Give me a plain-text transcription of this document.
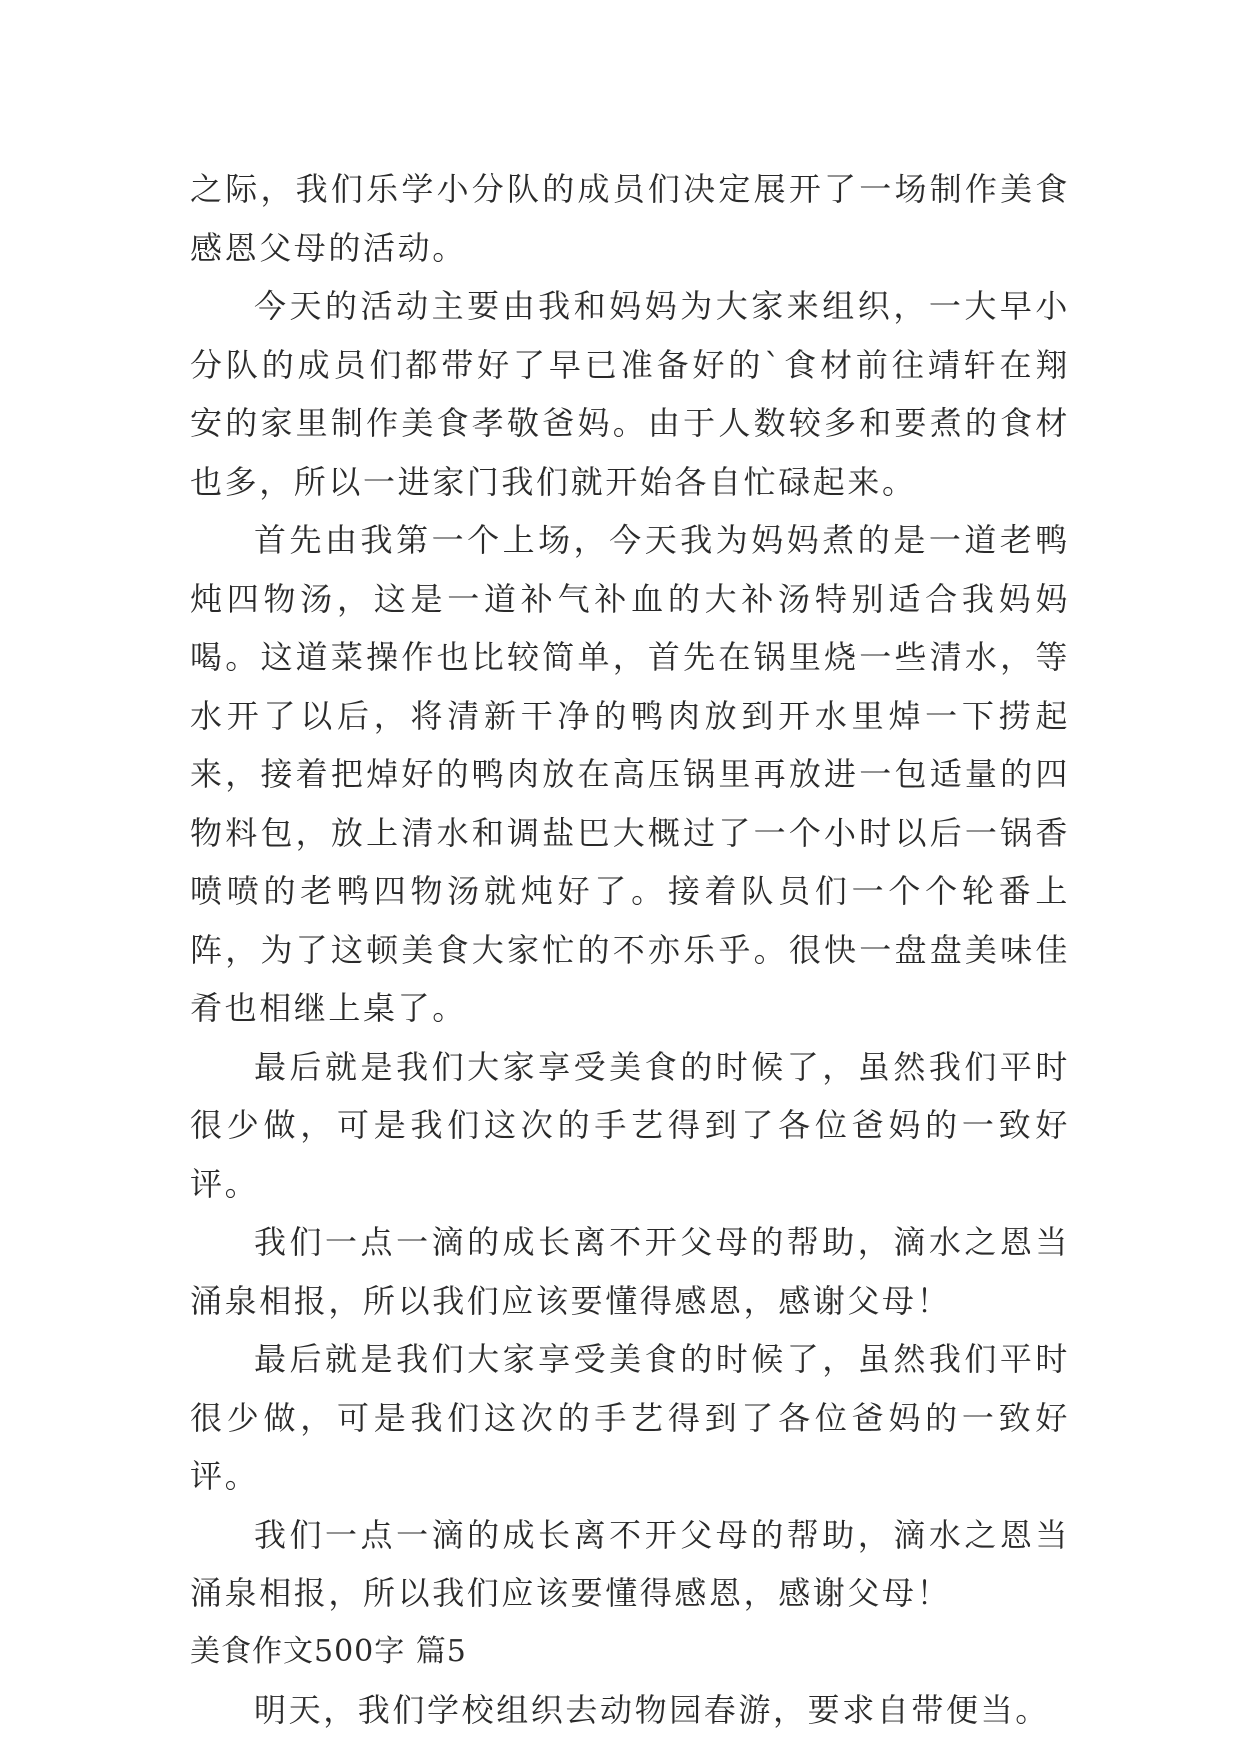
之际，我们乐学小分队的成员们决定展开了一场制作美食感恩父母的活动。

今天的活动主要由我和妈妈为大家来组织，一大早小分队的成员们都带好了早已准备好的`食材前往靖轩在翔安的家里制作美食孝敬爸妈。由于人数较多和要煮的食材也多，所以一进家门我们就开始各自忙碌起来。

首先由我第一个上场，今天我为妈妈煮的是一道老鸭炖四物汤，这是一道补气补血的大补汤特别适合我妈妈喝。这道菜操作也比较简单，首先在锅里烧一些清水，等水开了以后，将清新干净的鸭肉放到开水里焯一下捞起来，接着把焯好的鸭肉放在高压锅里再放进一包适量的四物料包，放上清水和调盐巴大概过了一个小时以后一锅香喷喷的老鸭四物汤就炖好了。接着队员们一个个轮番上阵，为了这顿美食大家忙的不亦乐乎。很快一盘盘美味佳肴也相继上桌了。

最后就是我们大家享受美食的时候了，虽然我们平时很少做，可是我们这次的手艺得到了各位爸妈的一致好评。

我们一点一滴的成长离不开父母的帮助，滴水之恩当涌泉相报，所以我们应该要懂得感恩，感谢父母！

最后就是我们大家享受美食的时候了，虽然我们平时很少做，可是我们这次的手艺得到了各位爸妈的一致好评。

我们一点一滴的成长离不开父母的帮助，滴水之恩当涌泉相报，所以我们应该要懂得感恩，感谢父母！

美食作文500字 篇5

明天，我们学校组织去动物园春游，要求自带便当。
